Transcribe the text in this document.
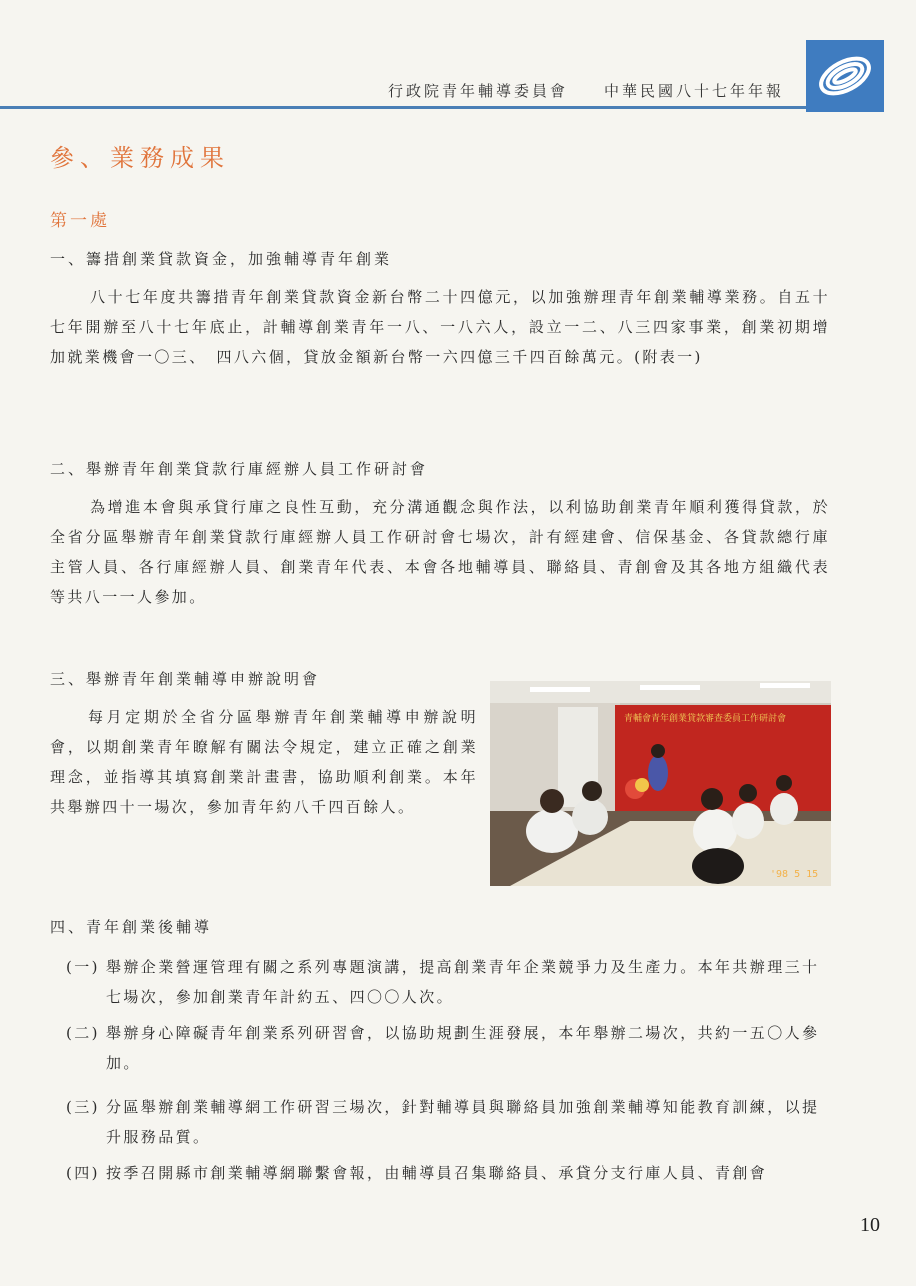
行政院青年輔導委員會　　中華民國八十七年年報
參、業務成果
第一處
一、籌措創業貸款資金，加強輔導青年創業
八十七年度共籌措青年創業貸款資金新台幣二十四億元，以加強辦理青年創業輔導業務。自五十七年開辦至八十七年底止，計輔導創業青年一八、一八六人，設立一二、八三四家事業，創業初期增加就業機會一〇三、　四八六個，貸放金額新台幣一六四億三千四百餘萬元。(附表一)
二、舉辦青年創業貸款行庫經辦人員工作研討會
為增進本會與承貸行庫之良性互動，充分溝通觀念與作法，以利協助創業青年順利獲得貸款，於全省分區舉辦青年創業貸款行庫經辦人員工作研討會七場次，計有經建會、信保基金、各貸款總行庫主管人員、各行庫經辦人員、創業青年代表、本會各地輔導員、聯絡員、青創會及其各地方組織代表等共八一一人參加。
三、舉辦青年創業輔導申辦說明會
每月定期於全省分區舉辦青年創業輔導申辦說明會，以期創業青年瞭解有關法令規定，建立正確之創業理念，並指導其填寫創業計畫書，協助順利創業。本年共舉辦四十一場次，參加青年約八千四百餘人。
青輔會青年創業貸款審查委員工作研討會
'98 5 15
四、青年創業後輔導
(一) 舉辦企業營運管理有關之系列專題演講，提高創業青年企業競爭力及生產力。本年共辦理三十七場次，參加創業青年計約五、四〇〇人次。
(二) 舉辦身心障礙青年創業系列研習會，以協助規劃生涯發展，本年舉辦二場次，共約一五〇人參加。
(三) 分區舉辦創業輔導網工作研習三場次，針對輔導員與聯絡員加強創業輔導知能教育訓練，以提升服務品質。
(四) 按季召開縣市創業輔導網聯繫會報，由輔導員召集聯絡員、承貸分支行庫人員、青創會
10
